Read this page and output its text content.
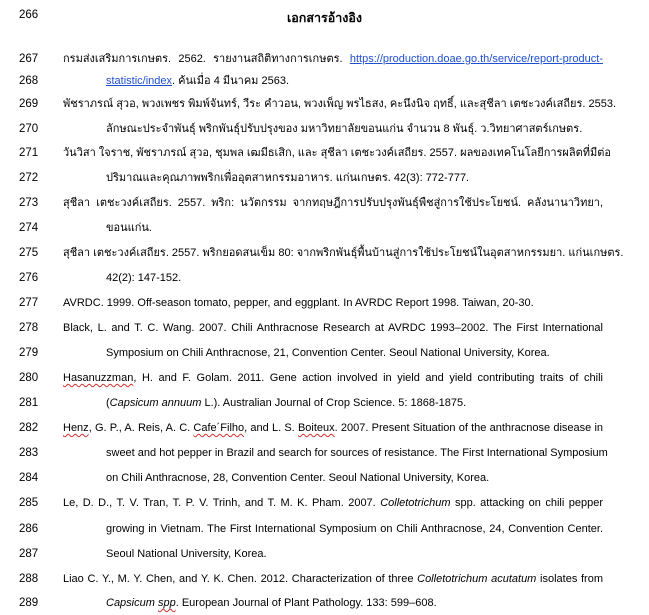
266	เอกสารอ้างอิง
267	กรมส่งเสริมการเกษตร. 2562. รายงานสถิติทางการเกษตร. https://production.doae.go.th/service/report-product-
268	statistic/index. ค้นเมื่อ 4 มีนาคม 2563.
269	พัชราภรณ์ สุวอ, พวงเพชร พิมพ์จันทร์, วีระ คำวอน, พวงเพ็ญ พรไธสง, คะนึงนิจ ฤทธิ์, และสุชีลา เตชะวงค์เสถียร. 2553.
270	ลักษณะประจำพันธุ์ พริกพันธุ์ปรับปรุงของ มหาวิทยาลัยขอนแก่น จำนวน 8 พันธุ์. ว.วิทยาศาสตร์เกษตร.
271	วันวิสา ใจราช, พัชราภรณ์ สุวอ, ชุมพล เฒมีธเสิก, และ สุชีลา เตชะวงค์เสถียร. 2557. ผลของเทคโนโลยีการผลิตที่มีต่อ
272	ปริมาณและคุณภาพพริกเพื่ออุตสาหกรรมอาหาร. แก่นเกษตร. 42(3): 772-777.
273	สุชีลา เตชะวงค์เสถียร. 2557. พริก: นวัตกรรม จากทฤษฎีการปรับปรุงพันธุ์พืชสู่การใช้ประโยชน์. คลังนานาวิทยา,
274	ขอนแก่น.
275	สุชีลา เตชะวงค์เสถียร. 2557. พริกยอดสนเข็ม 80: จากพริกพันธุ์พื้นบ้านสู่การใช้ประโยชน์ในอุตสาหกรรมยา. แก่นเกษตร.
276	42(2): 147-152.
277	AVRDC. 1999. Off-season tomato, pepper, and eggplant. In AVRDC Report 1998. Taiwan, 20-30.
278	Black, L. and T. C. Wang. 2007. Chili Anthracnose Research at AVRDC 1993–2002. The First International
279	Symposium on Chili Anthracnose, 21, Convention Center. Seoul National University, Korea.
280	Hasanuzzman, H. and F. Golam. 2011. Gene action involved in yield and yield contributing traits of chili
281	(Capsicum annuum L.). Australian Journal of Crop Science. 5: 1868-1875.
282	Henz, G. P., A. Reis, A. C. Cafe´Filho, and L. S. Boiteux. 2007. Present Situation of the anthracnose disease in
283	sweet and hot pepper in Brazil and search for sources of resistance. The First International Symposium
284	on Chili Anthracnose, 28, Convention Center. Seoul National University, Korea.
285	Le, D. D., T. V. Tran, T. P. V. Trinh, and T. M. K. Pham. 2007. Colletotrichum spp. attacking on chili pepper
286	growing in Vietnam. The First International Symposium on Chili Anthracnose, 24, Convention Center.
287	Seoul National University, Korea.
288	Liao C. Y., M. Y. Chen, and Y. K. Chen. 2012. Characterization of three Colletotrichum acutatum isolates from
289	Capsicum spp. European Journal of Plant Pathology. 133: 599–608.
